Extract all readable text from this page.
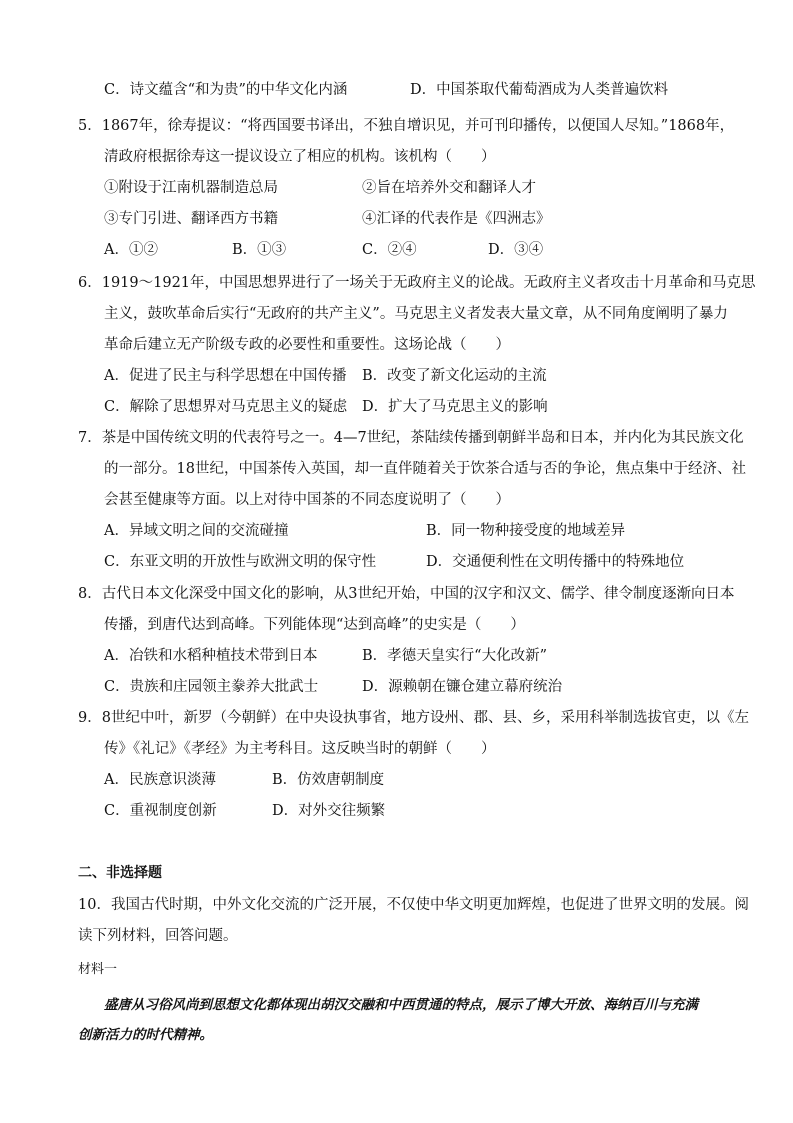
C．诗文蕴含“和为贵”的中华文化内涵	D．中国茶取代葡萄酒成为人类普遍饮料
5．1867年，徐寿提议：“将西国要书译出，不独自增识见，并可刊印播传，以便国人尽知。”1868年，
清政府根据徐寿这一提议设立了相应的机构。该机构（　　）
①附设于江南机器制造总局	②旨在培养外交和翻译人才
③专门引进、翻译西方书籍	④汇译的代表作是《四洲志》
A．①②	B．①③	C．②④	D．③④
6．1919～1921年，中国思想界进行了一场关于无政府主义的论战。无政府主义者攻击十月革命和马克思
主义，鼓吹革命后实行“无政府的共产主义”。马克思主义者发表大量文章，从不同角度阐明了暴力
革命后建立无产阶级专政的必要性和重要性。这场论战（　　）
A．促进了民主与科学思想在中国传播 B．改变了新文化运动的主流
C．解除了思想界对马克思主义的疑虑 D．扩大了马克思主义的影响
7．茶是中国传统文明的代表符号之一。4—7世纪，茶陆续传播到朝鲜半岛和日本，并内化为其民族文化
的一部分。18世纪，中国茶传入英国，却一直伴随着关于饮茶合适与否的争论，焦点集中于经济、社
会甚至健康等方面。以上对待中国茶的不同态度说明了（　　）
A．异域文明之间的交流碰撞	B．同一物种接受度的地域差异
C．东亚文明的开放性与欧洲文明的保守性	D．交通便利性在文明传播中的特殊地位
8．古代日本文化深受中国文化的影响，从3世纪开始，中国的汉字和汉文、儒学、律令制度逐渐向日本
传播，到唐代达到高峰。下列能体现“达到高峰”的史实是（　　）
A．冶铁和水稻种植技术带到日本	B．孝德天皇实行“大化改新”
C．贵族和庄园领主豢养大批武士	D．源赖朝在镰仓建立幕府统治
9．8世纪中叶，新罗（今朝鲜）在中央设执事省，地方设州、郡、县、乡，采用科举制选拔官吏，以《左
传》《礼记》《孝经》为主考科目。这反映当时的朝鲜（　　）
A．民族意识淡薄	B．仿效唐朝制度
C．重视制度创新	D．对外交往频繁
二、非选择题
10．我国古代时期，中外文化交流的广泛开展，不仅使中华文明更加辉煌，也促进了世界文明的发展。阅
读下列材料，回答问题。
材料一
盛唐从习俗风尚到思想文化都体现出胡汉交融和中西贯通的特点，展示了博大开放、海纳百川与充满
创新活力的时代精神。
